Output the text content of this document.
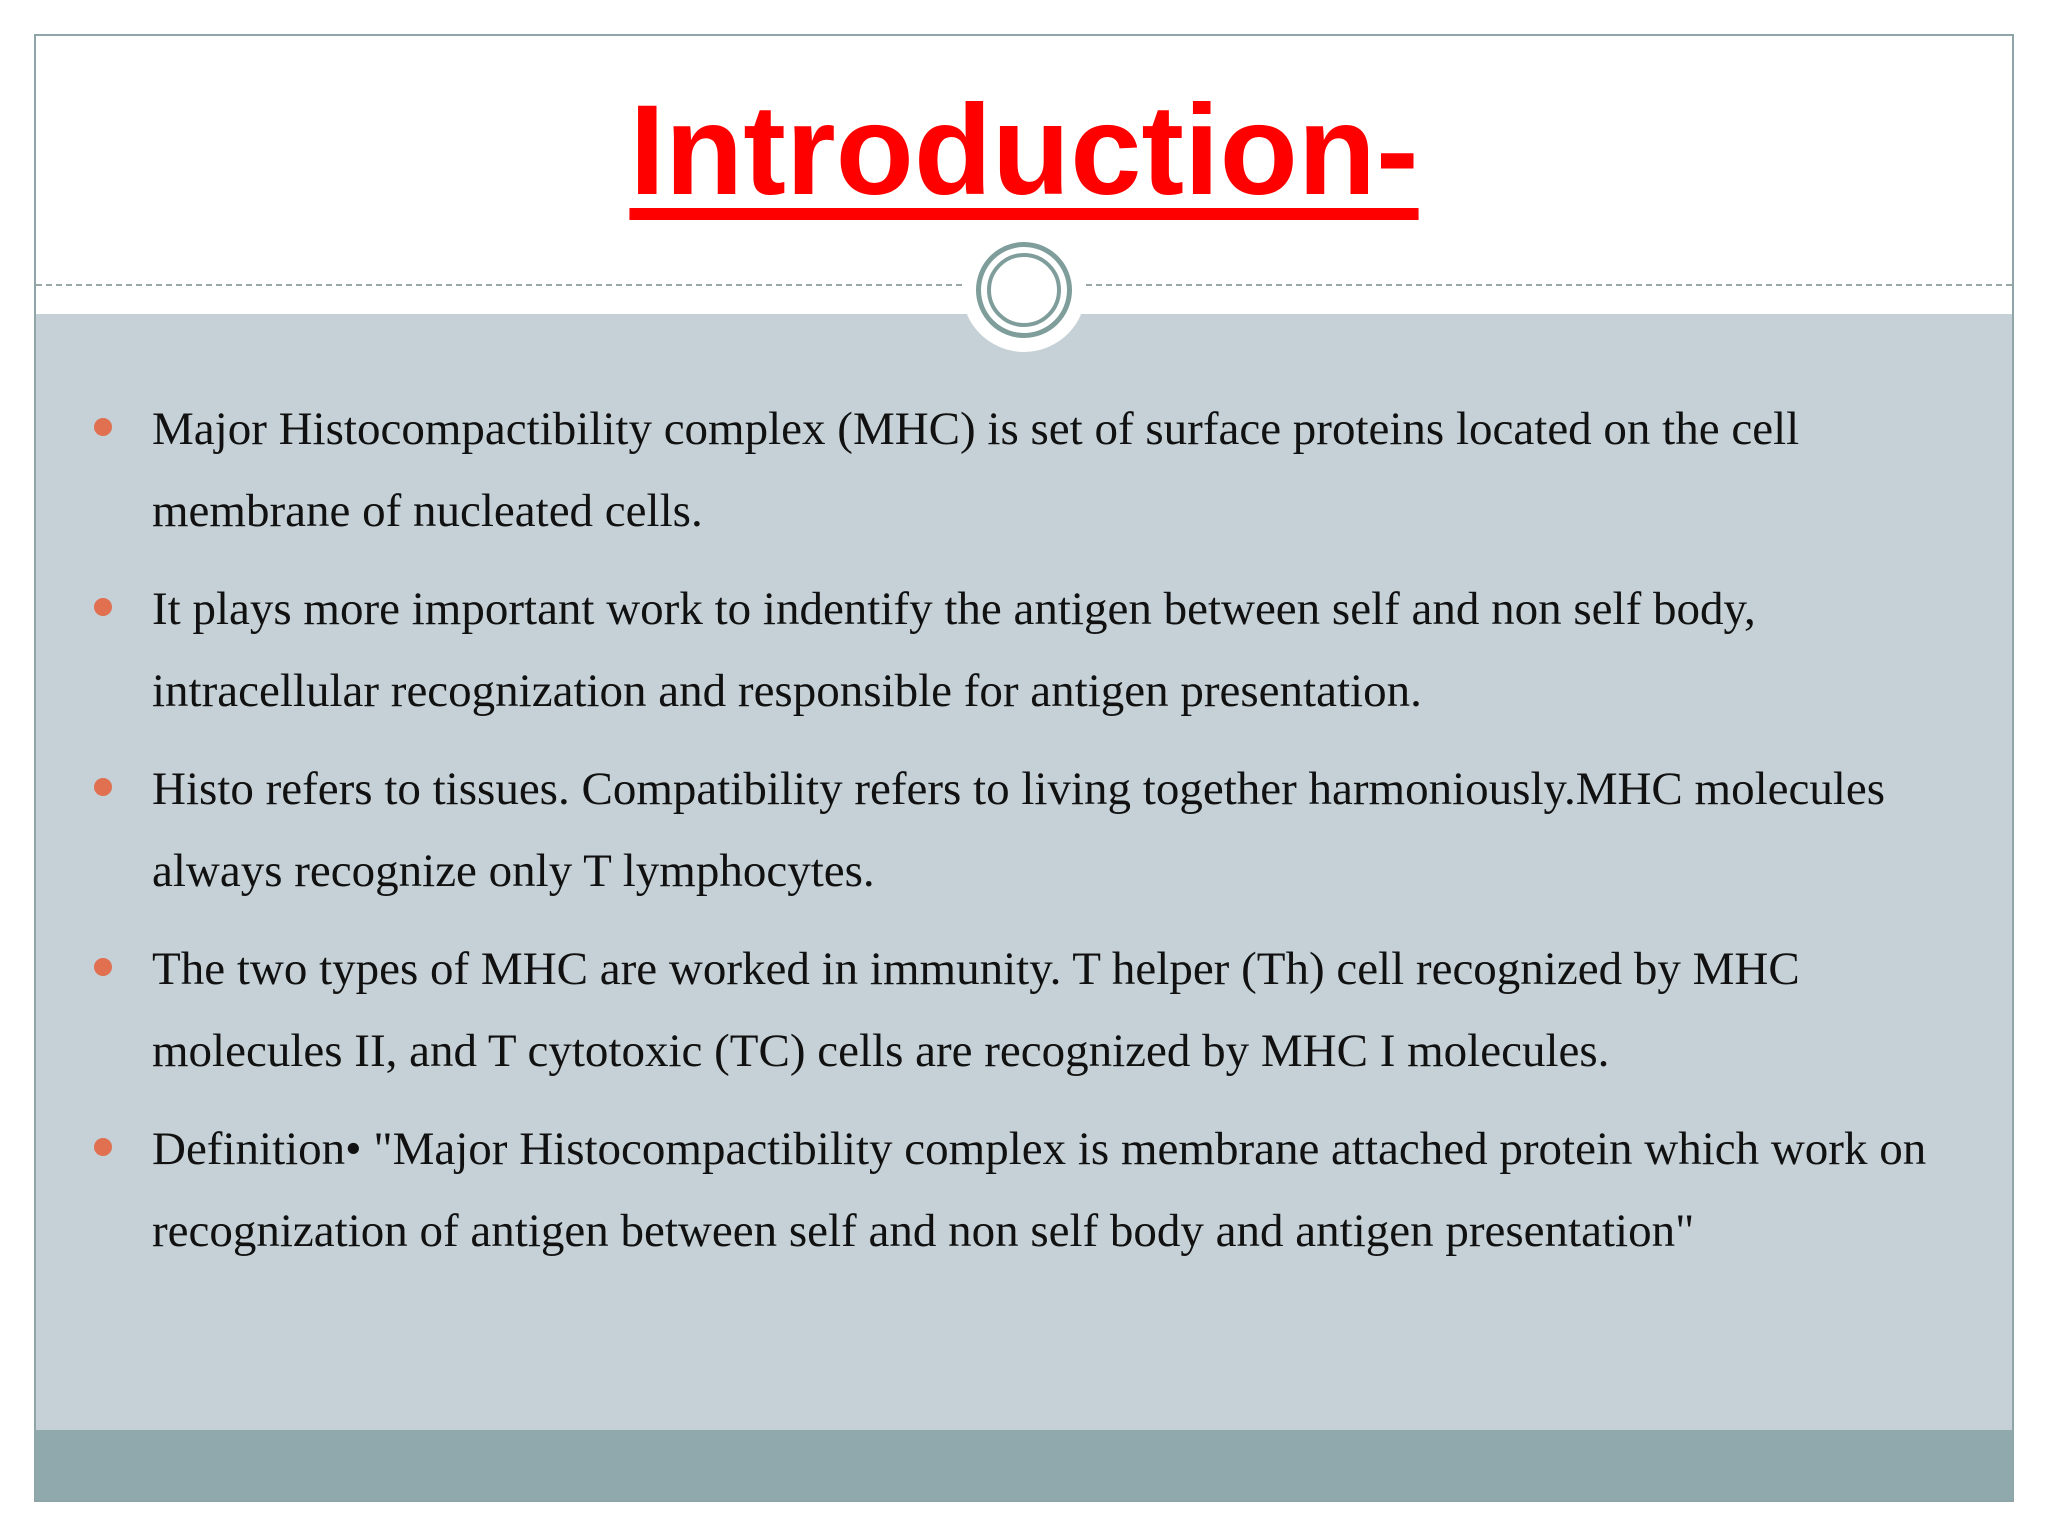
Introduction-
Major Histocompactibility complex (MHC) is set of surface proteins located on the cell membrane of nucleated cells.
It plays more important work to indentify the antigen between self and non self body, intracellular recognization and responsible for antigen presentation.
Histo refers to tissues. Compatibility refers to living together harmoniously.MHC molecules always recognize only T lymphocytes.
The two types of MHC are worked in immunity. T helper (Th) cell recognized by MHC molecules II, and T cytotoxic (TC) cells are recognized by MHC I molecules.
Definition• "Major Histocompactibility complex is membrane attached protein which work on recognization of antigen between self and non self body and antigen presentation"
